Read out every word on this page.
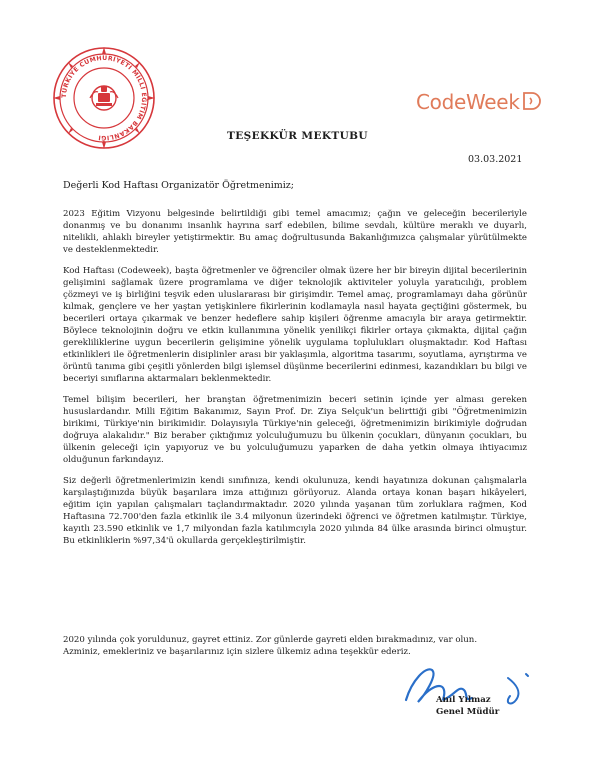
TÜRKİYE CUMHURİYETİ MİLLİ EĞİTİM BAKANLIĞI
CodeWeek
TEŞEKKÜR MEKTUBU
03.03.2021
Değerli Kod Haftası Organizatör Öğretmenimiz;

2023 Eğitim Vizyonu belgesinde belirtildiği gibi temel amacımız; çağın ve geleceğin becerileriyle donanmış ve bu donanımı insanlık hayrına sarf edebilen, bilime sevdalı, kültüre meraklı ve duyarlı, nitelikli, ahlaklı bireyler yetiştirmektir. Bu amaç doğrultusunda Bakanlığımızca çalışmalar yürütülmekte ve desteklenmektedir.

Kod Haftası (Codeweek), başta öğretmenler ve öğrenciler olmak üzere her bir bireyin dijital becerilerinin gelişimini sağlamak üzere programlama ve diğer teknolojik aktiviteler yoluyla yaratıcılığı, problem çözmeyi ve iş birliğini teşvik eden uluslararası bir girişimdir. Temel amaç, programlamayı daha görünür kılmak, gençlere ve her yaştan yetişkinlere fikirlerinin kodlamayla nasıl hayata geçtiğini göstermek, bu becerileri ortaya çıkarmak ve benzer hedeflere sahip kişileri öğrenme amacıyla bir araya getirmektir. Böylece teknolojinin doğru ve etkin kullanımına yönelik yenilikçi fikirler ortaya çıkmakta, dijital çağın gerekliliklerine uygun becerilerin gelişimine yönelik uygulama toplulukları oluşmaktadır. Kod Haftası etkinlikleri ile öğretmenlerin disiplinler arası bir yaklaşımla, algoritma tasarımı, soyutlama, ayrıştırma ve örüntü tanıma gibi çeşitli yönlerden bilgi işlemsel düşünme becerilerini edinmesi, kazandıkları bu bilgi ve beceriyi sınıflarına aktarmaları beklenmektedir.

Temel bilişim becerileri, her branştan öğretmenimizin beceri setinin içinde yer alması gereken hususlardandır. Milli Eğitim Bakanımız, Sayın Prof. Dr. Ziya Selçuk'un belirttiği gibi "Öğretmenimizin birikimi, Türkiye'nin birikimidir. Dolayısıyla Türkiye'nin geleceği, öğretmenimizin birikimiyle doğrudan doğruya alakalıdır." Biz beraber çıktığımız yolculuğumuzu bu ülkenin çocukları, dünyanın çocukları, bu ülkenin geleceği için yapıyoruz ve bu yolculuğumuzu yaparken de daha yetkin olmaya ihtiyacımız olduğunun farkındayız.

Siz değerli öğretmenlerimizin kendi sınıfınıza, kendi okulunuza, kendi hayatınıza dokunan çalışmalarla karşılaştığınızda büyük başarılara imza attığınızı görüyoruz. Alanda ortaya konan başarı hikâyeleri, eğitim için yapılan çalışmaları taçlandırmaktadır. 2020 yılında yaşanan tüm zorluklara rağmen, Kod Haftasına 72.700'den fazla etkinlik ile 3.4 milyonun üzerindeki öğrenci ve öğretmen katılmıştır. Türkiye, kayıtlı 23.590 etkinlik ve 1,7 milyondan fazla katılımcıyla 2020 yılında 84 ülke arasında birinci olmuştur. Bu etkinliklerin %97,34'ü okullarda gerçekleştirilmiştir.

2020 yılında çok yoruldunuz, gayret ettiniz. Zor günlerde gayreti elden bırakmadınız, var olun.

Azminiz, emekleriniz ve başarılarınız için sizlere ülkemiz adına teşekkür ederiz.

Anıl Yılmaz
Genel Müdür
